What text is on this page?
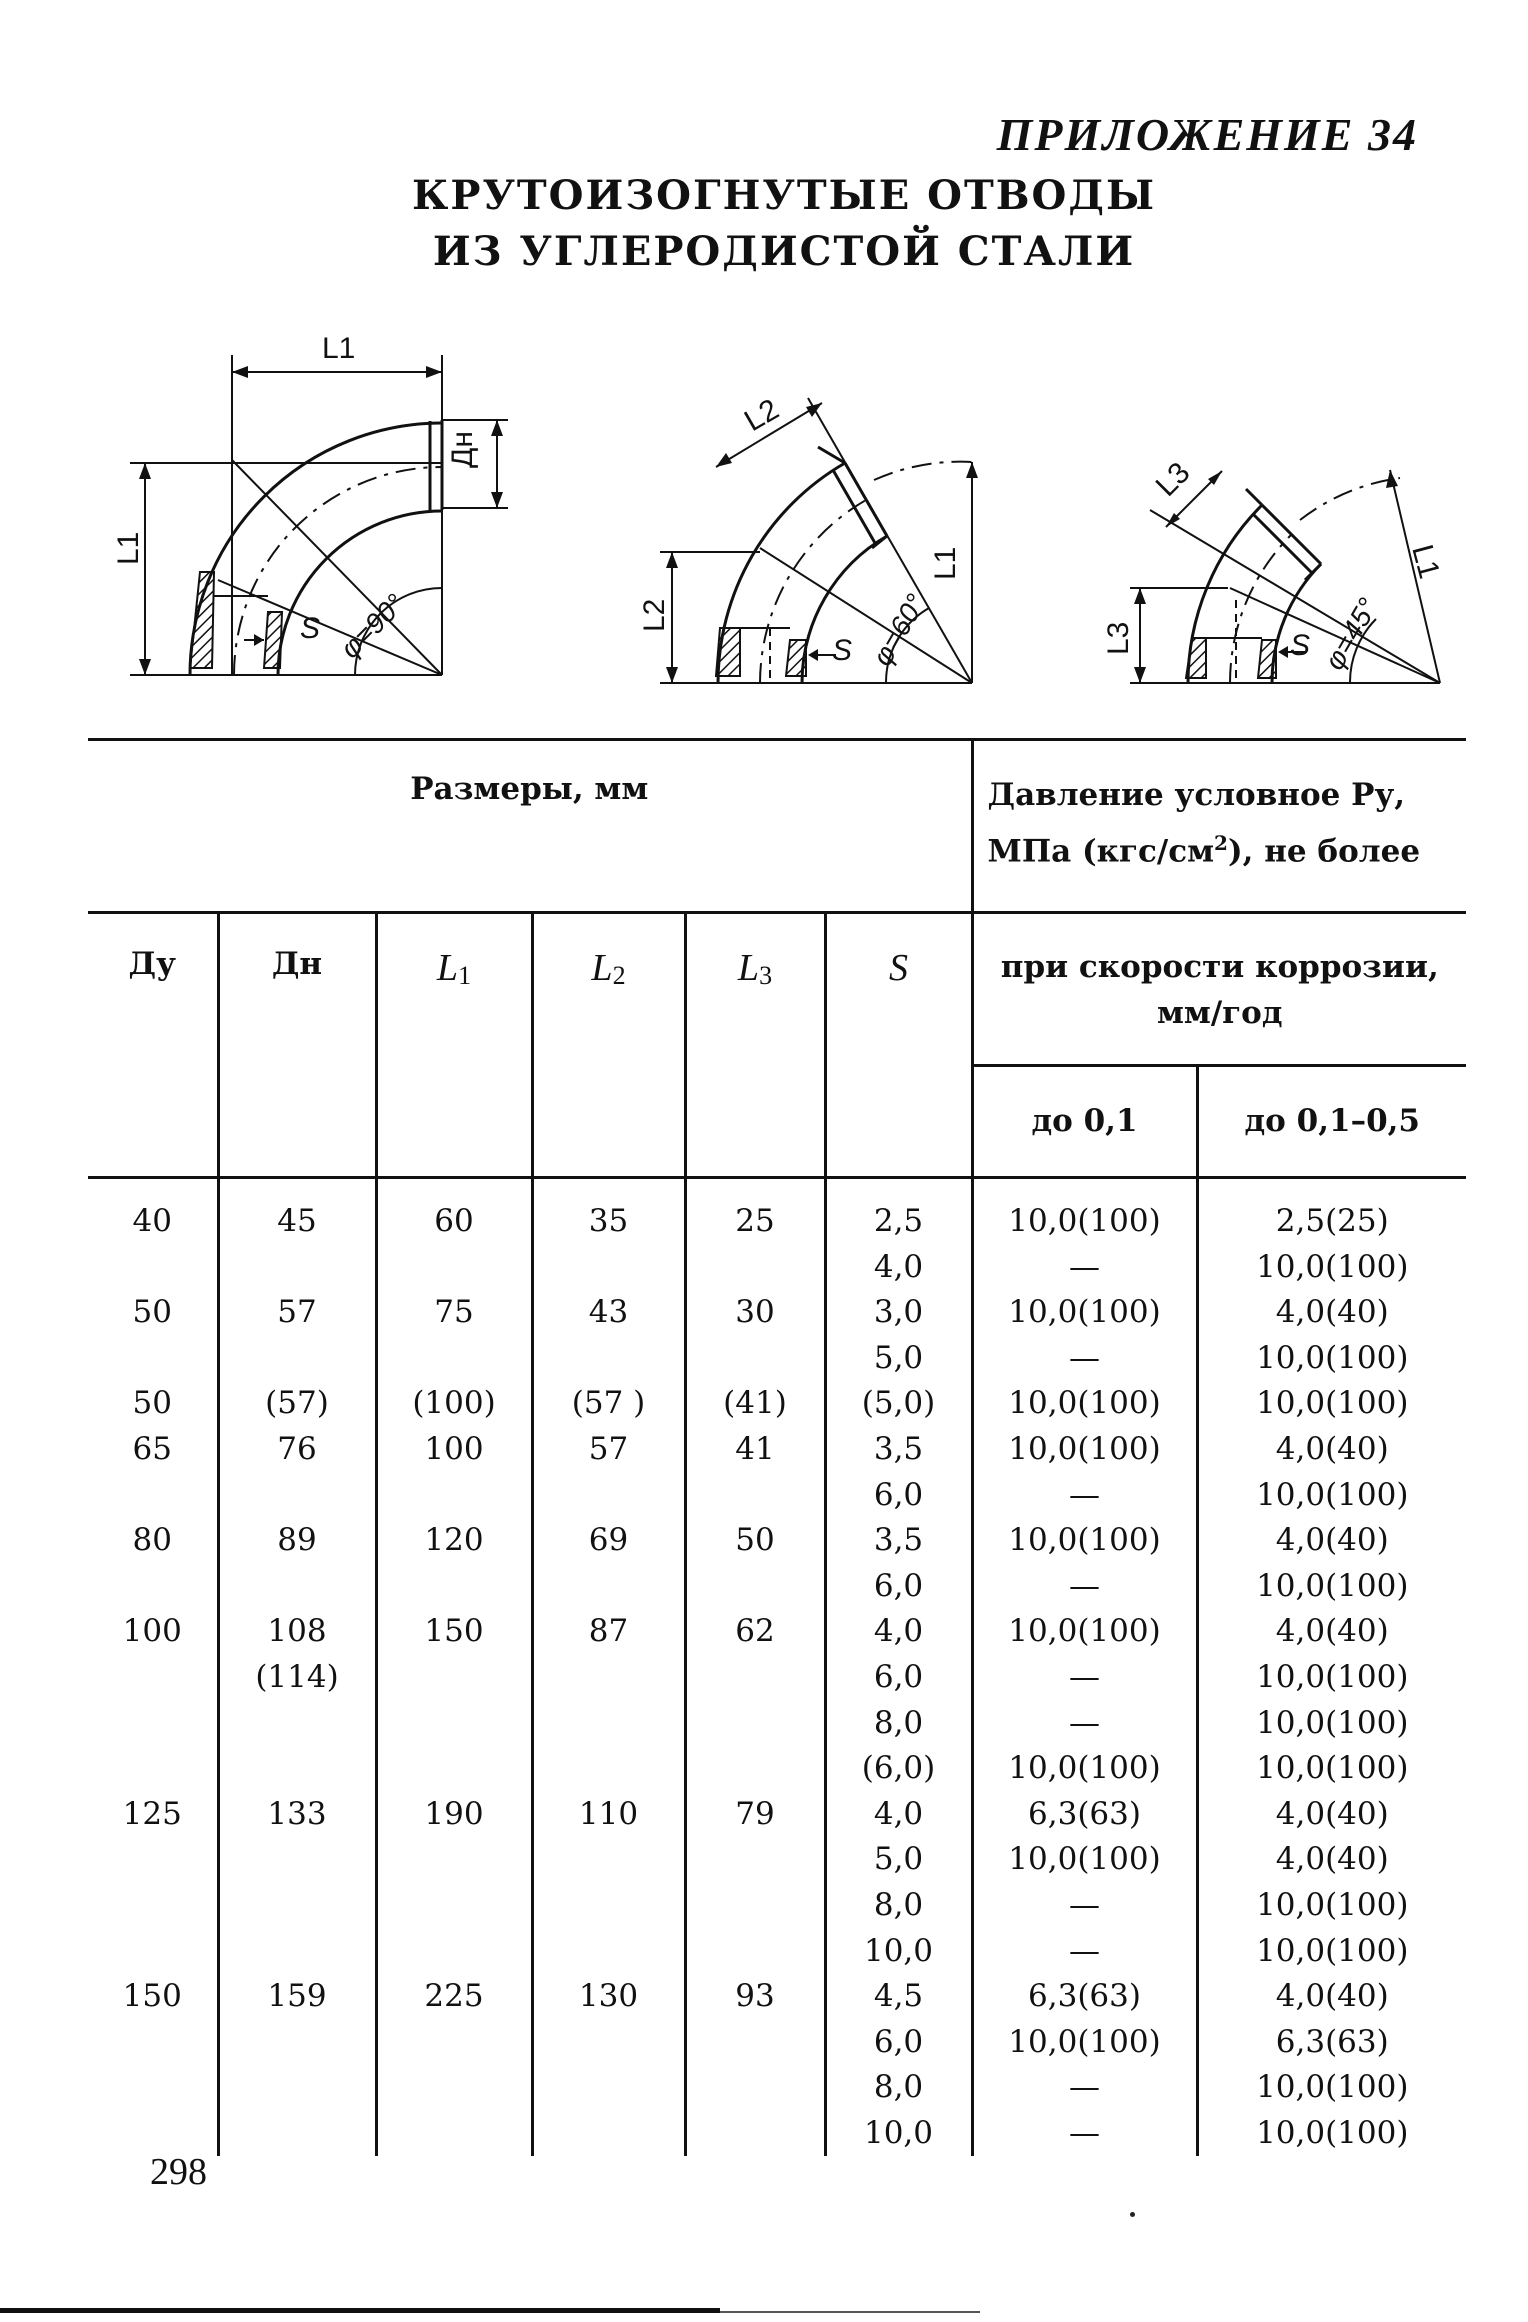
ПРИЛОЖЕНИЕ 34
КРУТОИЗОГНУТЫЕ ОТВОДЫ
ИЗ УГЛЕРОДИСТОЙ СТАЛИ
L1
L1
Дн
S φ=90°
L2
L2
L1
S φ=60°
L3
L3
L1
S φ=45°
Размеры, мм						Давление условное Ру,
МПа $(кгс/см^2)$, не более	

Ду	Дн	$L_1$	$L_2$	$L_3$	S	при скорости коррозии,
мм/год	

						до 0,1	до 0,1–0,5
40	45	60	35	25	2,5	10,0(100)	2,5(25)
					4,0	—	10,0(100)
50	57	75	43	30	3,0	10,0(100)	4,0(40)
					5,0	—	10,0(100)
50	(57)	(100)	(57 )	(41)	(5,0)	10,0(100)	10,0(100)
65	76	100	57	41	3,5	10,0(100)	4,0(40)
					6,0	—	10,0(100)
80	89	120	69	50	3,5	10,0(100)	4,0(40)
					6,0	—	10,0(100)
100	108	150	87	62	4,0	10,0(100)	4,0(40)
	(114)				6,0	—	10,0(100)
					8,0	—	10,0(100)
					(6,0)	10,0(100)	10,0(100)
125	133	190	110	79	4,0	6,3(63)	4,0(40)
					5,0	10,0(100)	4,0(40)
					8,0	—	10,0(100)
					10,0	—	10,0(100)
150	159	225	130	93	4,5	6,3(63)	4,0(40)
					6,0	10,0(100)	6,3(63)
					8,0	—	10,0(100)
					10,0	—	10,0(100)
298
